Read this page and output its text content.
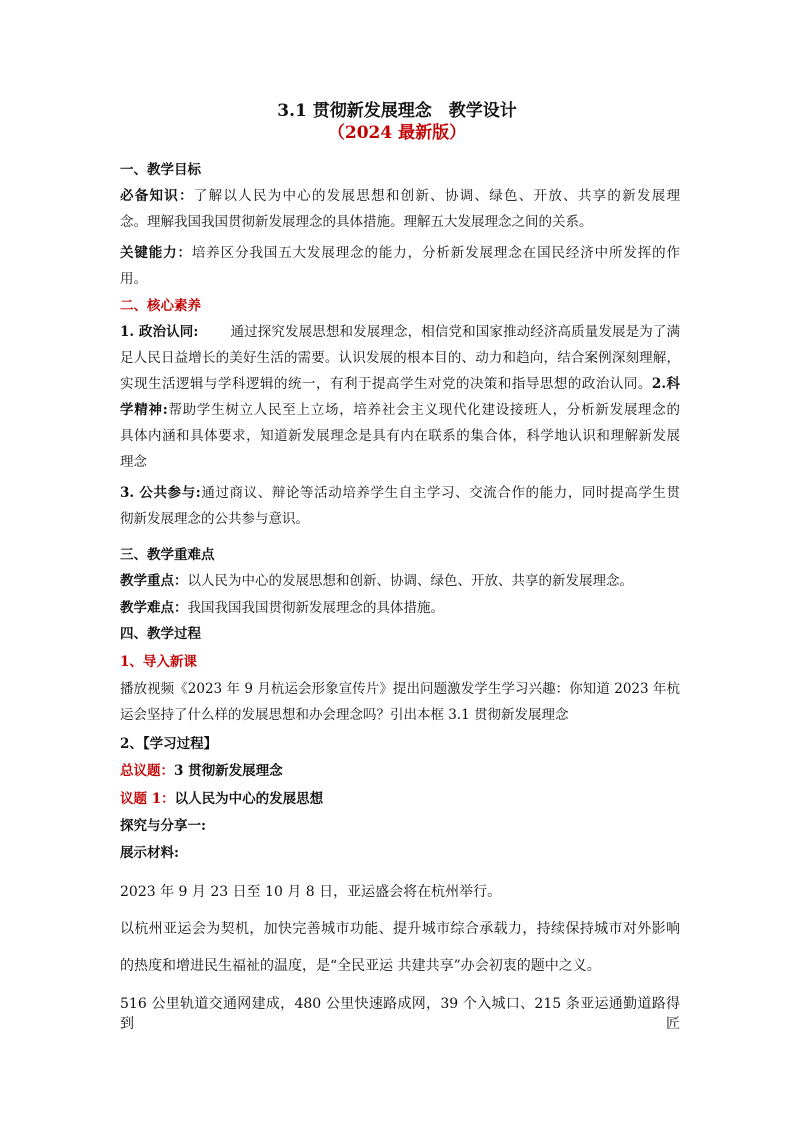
3.1 贯彻新发展理念　教学设计
（2024 最新版）
一、教学目标
必备知识：了解以人民为中心的发展思想和创新、协调、绿色、开放、共享的新发展理
念。理解我国我国贯彻新发展理念的具体措施。理解五大发展理念之间的关系。
关键能力：培养区分我国五大发展理念的能力，分析新发展理念在国民经济中所发挥的作
用。
二、核心素养
1. 政治认同: 通过探究发展思想和发展理念，相信党和国家推动经济高质量发展是为了满
足人民日益增长的美好生活的需要。认识发展的根本目的、动力和趋向，结合案例深刻理解，
实现生活逻辑与学科逻辑的统一，有利于提高学生对党的决策和指导思想的政治认同。2.科
学精神:帮助学生树立人民至上立场，培养社会主义现代化建设接班人，分析新发展理念的
具体内涵和具体要求，知道新发展理念是具有内在联系的集合体，科学地认识和理解新发展
理念
3. 公共参与:通过商议、辩论等活动培养学生自主学习、交流合作的能力，同时提高学生贯
彻新发展理念的公共参与意识。
三、教学重难点
教学重点：以人民为中心的发展思想和创新、协调、绿色、开放、共享的新发展理念。
教学难点：我国我国我国贯彻新发展理念的具体措施。
四、教学过程
1、导入新课
播放视频《2023 年 9 月杭运会形象宣传片》提出问题激发学生学习兴趣：你知道 2023 年杭
运会坚持了什么样的发展思想和办会理念吗？引出本框 3.1 贯彻新发展理念
2、【学习过程】
总议题：3 贯彻新发展理念
议题 1：以人民为中心的发展思想
探究与分享一:
展示材料:
2023 年 9 月 23 日至 10 月 8 日，亚运盛会将在杭州举行。
以杭州亚运会为契机，加快完善城市功能、提升城市综合承载力，持续保持城市对外影响
的热度和增进民生福祉的温度，是“全民亚运 共建共享”办会初衷的题中之义。
516 公里轨道交通网建成，480 公里快速路成网，39 个入城口、215 条亚运通勤道路得到匠
